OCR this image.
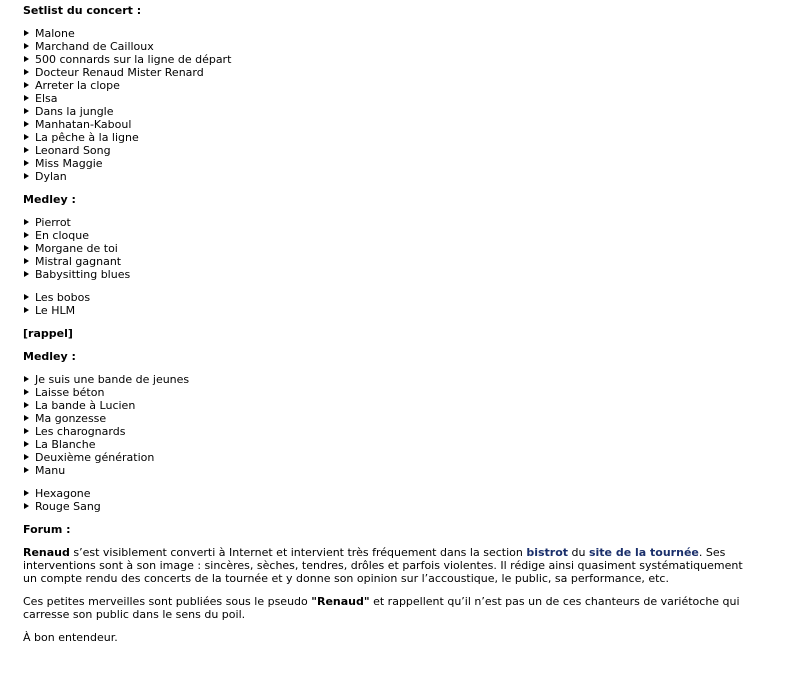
Setlist du concert :
Malone
Marchand de Cailloux
500 connards sur la ligne de départ
Docteur Renaud Mister Renard
Arreter la clope
Elsa
Dans la jungle
Manhatan-Kaboul
La pêche à la ligne
Leonard Song
Miss Maggie
Dylan
Medley :
Pierrot
En cloque
Morgane de toi
Mistral gagnant
Babysitting blues
Les bobos
Le HLM
[rappel]
Medley :
Je suis une bande de jeunes
Laisse béton
La bande à Lucien
Ma gonzesse
Les charognards
La Blanche
Deuxième génération
Manu
Hexagone
Rouge Sang
Forum :

Renaud s’est visiblement converti à Internet et intervient très fréquement dans la section bistrot du site de la tournée. Ses interventions sont à son image : sincères, sèches, tendres, drôles et parfois violentes. Il rédige ainsi quasiment systématiquement un compte rendu des concerts de la tournée et y donne son opinion sur l’accoustique, le public, sa performance, etc.

Ces petites merveilles sont publiées sous le pseudo "Renaud" et rappellent qu’il n’est pas un de ces chanteurs de variétoche qui carresse son public dans le sens du poil.

À bon entendeur.
